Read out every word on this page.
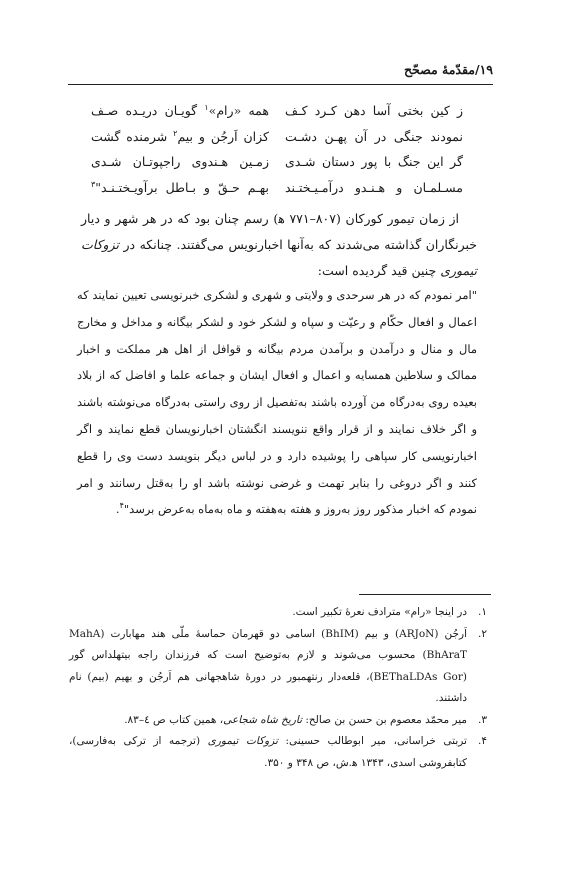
۱۹/مقدّمهٔ مصحّح
ز کین بختی آسا دهن کـرد کـف
همه «رام»$^۱$ گویـان دریـده صـف
نمودند جنگی در آن پهـن دشـت
کزان اَرجُن و بیم$^۲$ شرمنده گشت
گر این جنگ با پور دستان شـدی
زمـین هـندوی راجپوتـان شـدی
مسـلمـان و هـنـدو درآمـیـختـند
بهـم حـقّ و بـاطل برآویـختـنـد"$^۳$

از زمان تیمور کورکان (۸۰۷–۷۷۱ ه‍) رسم چنان بود که در هر شهر و دیار خبرنگاران گذاشته می‌شدند که به‌آنها اخبارنویس می‌گفتند. چنانکه در تزوکات تیموری چنین قید گردیده است:

"امر نمودم که در هر سرحدی و ولایتی و شهری و لشکری خبرنویسی تعیین نمایند که اعمال و افعال حکّام و رعیّت و سپاه و لشکر خود و لشکر بیگانه و مداخل و مخارج مال و منال و درآمدن و برآمدن مردم بیگانه و قوافل از اهل هر مملکت و اخبار ممالک و سلاطین همسایه و اعمال و افعال ایشان و جماعه علما و افاضل که از بلاد بعیده روی به‌درگاه من آورده باشند به‌تفصیل از روی راستی به‌درگاه می‌نوشته باشند و اگر خلاف نمایند و از قرار واقع ننویسند انگشتان اخبارنویسان قطع نمایند و اگر اخبارنویسی کار سپاهی را پوشیده دارد و در لباس دیگر بنویسد دست وی را قطع کنند و اگر دروغی را بنابر تهمت و غرضی نوشته باشد او را به‌قتل رسانند و امر نمودم که اخبار مذکور روز به‌روز و هفته به‌هفته و ماه به‌ماه به‌عرض برسد"$^۴$.

۱.
در اینجا «رام» مترادف نعرهٔ تکبیر است.
۲.
اَرجُن (ARJoN) و بیم (BhIM) اسامی دو قهرمان حماسهٔ ملّی هند مهابارت (MahA BhAraT) محسوب می‌شوند و لازم به‌توضیح است که فرزندان راجه بیتهلداس گور (BEThaLDAs Gor)، قلعه‌دار رنتهمبور در دورهٔ شاهجهانی هم اَرجُن و بهیم (بیم) نام داشتند.
۳.
میر محمّد معصوم بن حسن بن صالح: تاریخ شاه شجاعی، همین کتاب ص ٤–٨٣.
۴.
تربتی خراسانی، میر ابوطالب حسینی: تزوکات تیموری (ترجمه از ترکی به‌فارسی)، کتابفروشی اسدی، ۱۳۴۳ ه‍.ش، ص ۳۴۸ و ۳۵۰.
